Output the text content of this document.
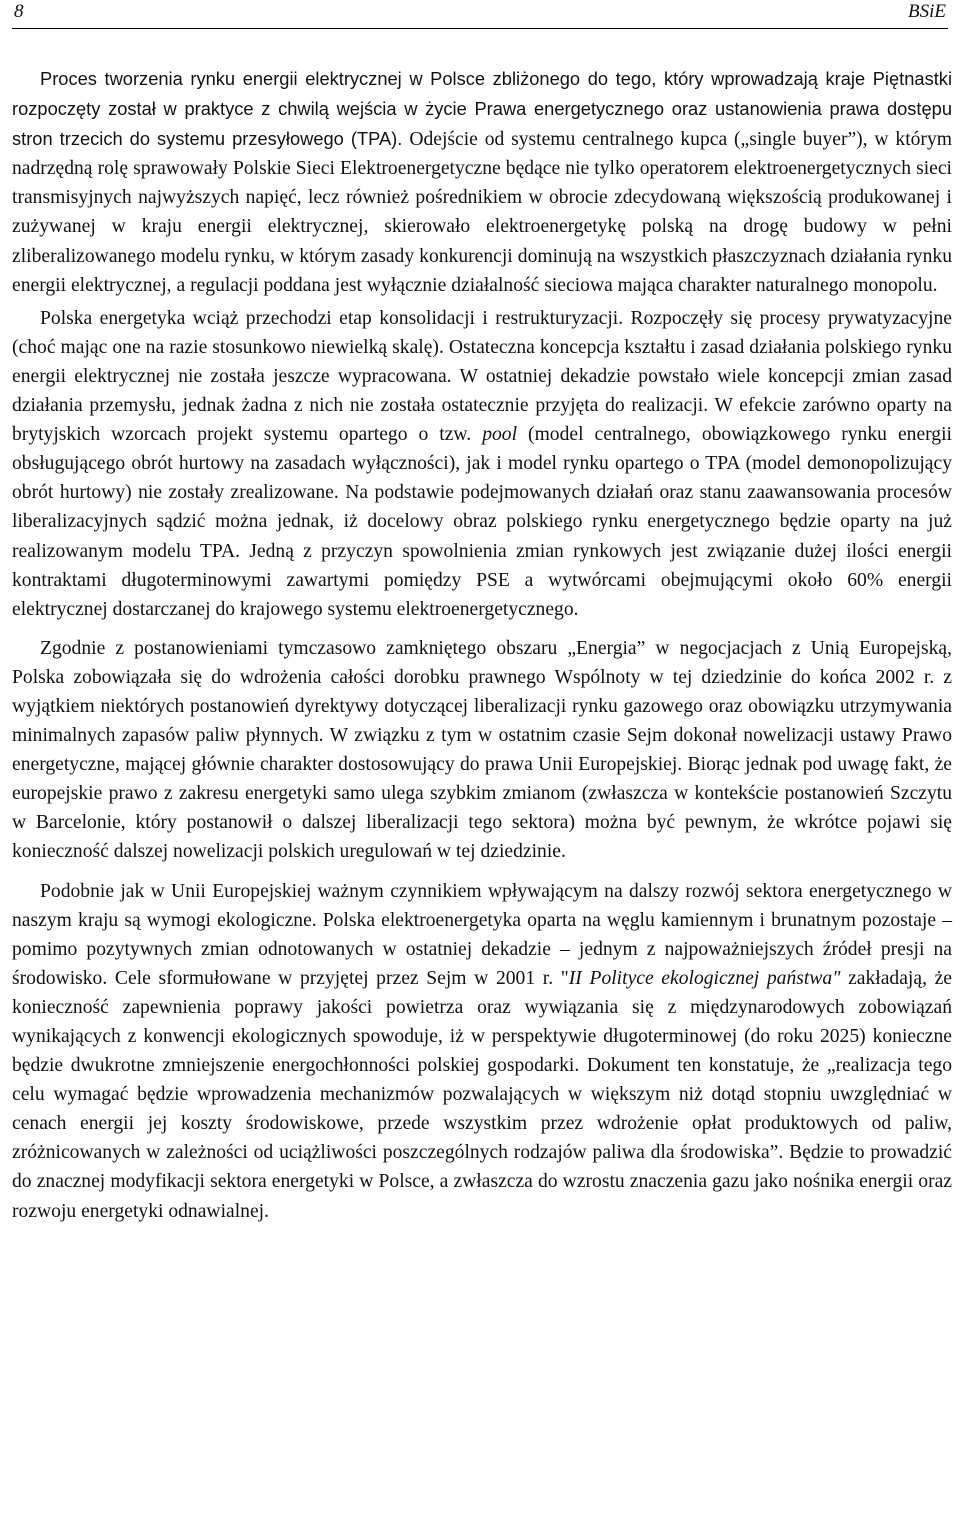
8	BSiE

Proces tworzenia rynku energii elektrycznej w Polsce zbliżonego do tego, który wprowadzają kraje Piętnastki rozpoczęty został w praktyce z chwilą wejścia w życie Prawa energetycznego oraz ustanowienia prawa dostępu stron trzecich do systemu przesyłowego (TPA). Odejście od systemu centralnego kupca („single buyer”), w którym nadrzędną rolę sprawowały Polskie Sieci Elektroenergetyczne będące nie tylko operatorem elektroenergetycznych sieci transmisyjnych najwyższych napięć, lecz również pośrednikiem w obrocie zdecydowaną większością produkowanej i zużywanej w kraju energii elektrycznej, skierowało elektroenergetykę polską na drogę budowy w pełni zliberalizowanego modelu rynku, w którym zasady konkurencji dominują na wszystkich płaszczyznach działania rynku energii elektrycznej, a regulacji poddana jest wyłącznie działalność sieciowa mająca charakter naturalnego monopolu.

Polska energetyka wciąż przechodzi etap konsolidacji i restrukturyzacji. Rozpoczęły się procesy prywatyzacyjne (choć mając one na razie stosunkowo niewielką skalę). Ostateczna koncepcja kształtu i zasad działania polskiego rynku energii elektrycznej nie została jeszcze wypracowana. W ostatniej dekadzie powstało wiele koncepcji zmian zasad działania przemysłu, jednak żadna z nich nie została ostatecznie przyjęta do realizacji. W efekcie zarówno oparty na brytyjskich wzorcach projekt systemu opartego o tzw. pool (model centralnego, obowiązkowego rynku energii obsługującego obrót hurtowy na zasadach wyłączności), jak i model rynku opartego o TPA (model demonopolizujący obrót hurtowy) nie zostały zrealizowane. Na podstawie podejmowanych działań oraz stanu zaawansowania procesów liberalizacyjnych sądzić można jednak, iż docelowy obraz polskiego rynku energetycznego będzie oparty na już realizowanym modelu TPA. Jedną z przyczyn spowolnienia zmian rynkowych jest związanie dużej ilości energii kontraktami długoterminowymi zawartymi pomiędzy PSE a wytwórcami obejmującymi około 60% energii elektrycznej dostarczanej do krajowego systemu elektroenergetycznego.

Zgodnie z postanowieniami tymczasowo zamkniętego obszaru „Energia” w negocjacjach z Unią Europejską, Polska zobowiązała się do wdrożenia całości dorobku prawnego Wspólnoty w tej dziedzinie do końca 2002 r. z wyjątkiem niektórych postanowień dyrektywy dotyczącej liberalizacji rynku gazowego oraz obowiązku utrzymywania minimalnych zapasów paliw płynnych. W związku z tym w ostatnim czasie Sejm dokonał nowelizacji ustawy Prawo energetyczne, mającej głównie charakter dostosowujący do prawa Unii Europejskiej. Biorąc jednak pod uwagę fakt, że europejskie prawo z zakresu energetyki samo ulega szybkim zmianom (zwłaszcza w kontekście postanowień Szczytu w Barcelonie, który postanowił o dalszej liberalizacji tego sektora) można być pewnym, że wkrótce pojawi się konieczność dalszej nowelizacji polskich uregulowań w tej dziedzinie.

Podobnie jak w Unii Europejskiej ważnym czynnikiem wpływającym na dalszy rozwój sektora energetycznego w naszym kraju są wymogi ekologiczne. Polska elektroenergetyka oparta na węglu kamiennym i brunatnym pozostaje – pomimo pozytywnych zmian odnotowanych w ostatniej dekadzie – jednym z najpoważniejszych źródeł presji na środowisko. Cele sformułowane w przyjętej przez Sejm w 2001 r. "II Polityce ekologicznej państwa" zakładają, że konieczność zapewnienia poprawy jakości powietrza oraz wywiązania się z międzynarodowych zobowiązań wynikających z konwencji ekologicznych spowoduje, iż w perspektywie długoterminowej (do roku 2025) konieczne będzie dwukrotne zmniejszenie energochłonności polskiej gospodarki. Dokument ten konstatuje, że „realizacja tego celu wymagać będzie wprowadzenia mechanizmów pozwalających w większym niż dotąd stopniu uwzględniać w cenach energii jej koszty środowiskowe, przede wszystkim przez wdrożenie opłat produktowych od paliw, zróżnicowanych w zależności od uciążliwości poszczególnych rodzajów paliwa dla środowiska”. Będzie to prowadzić do znacznej modyfikacji sektora energetyki w Polsce, a zwłaszcza do wzrostu znaczenia gazu jako nośnika energii oraz rozwoju energetyki odnawialnej.
